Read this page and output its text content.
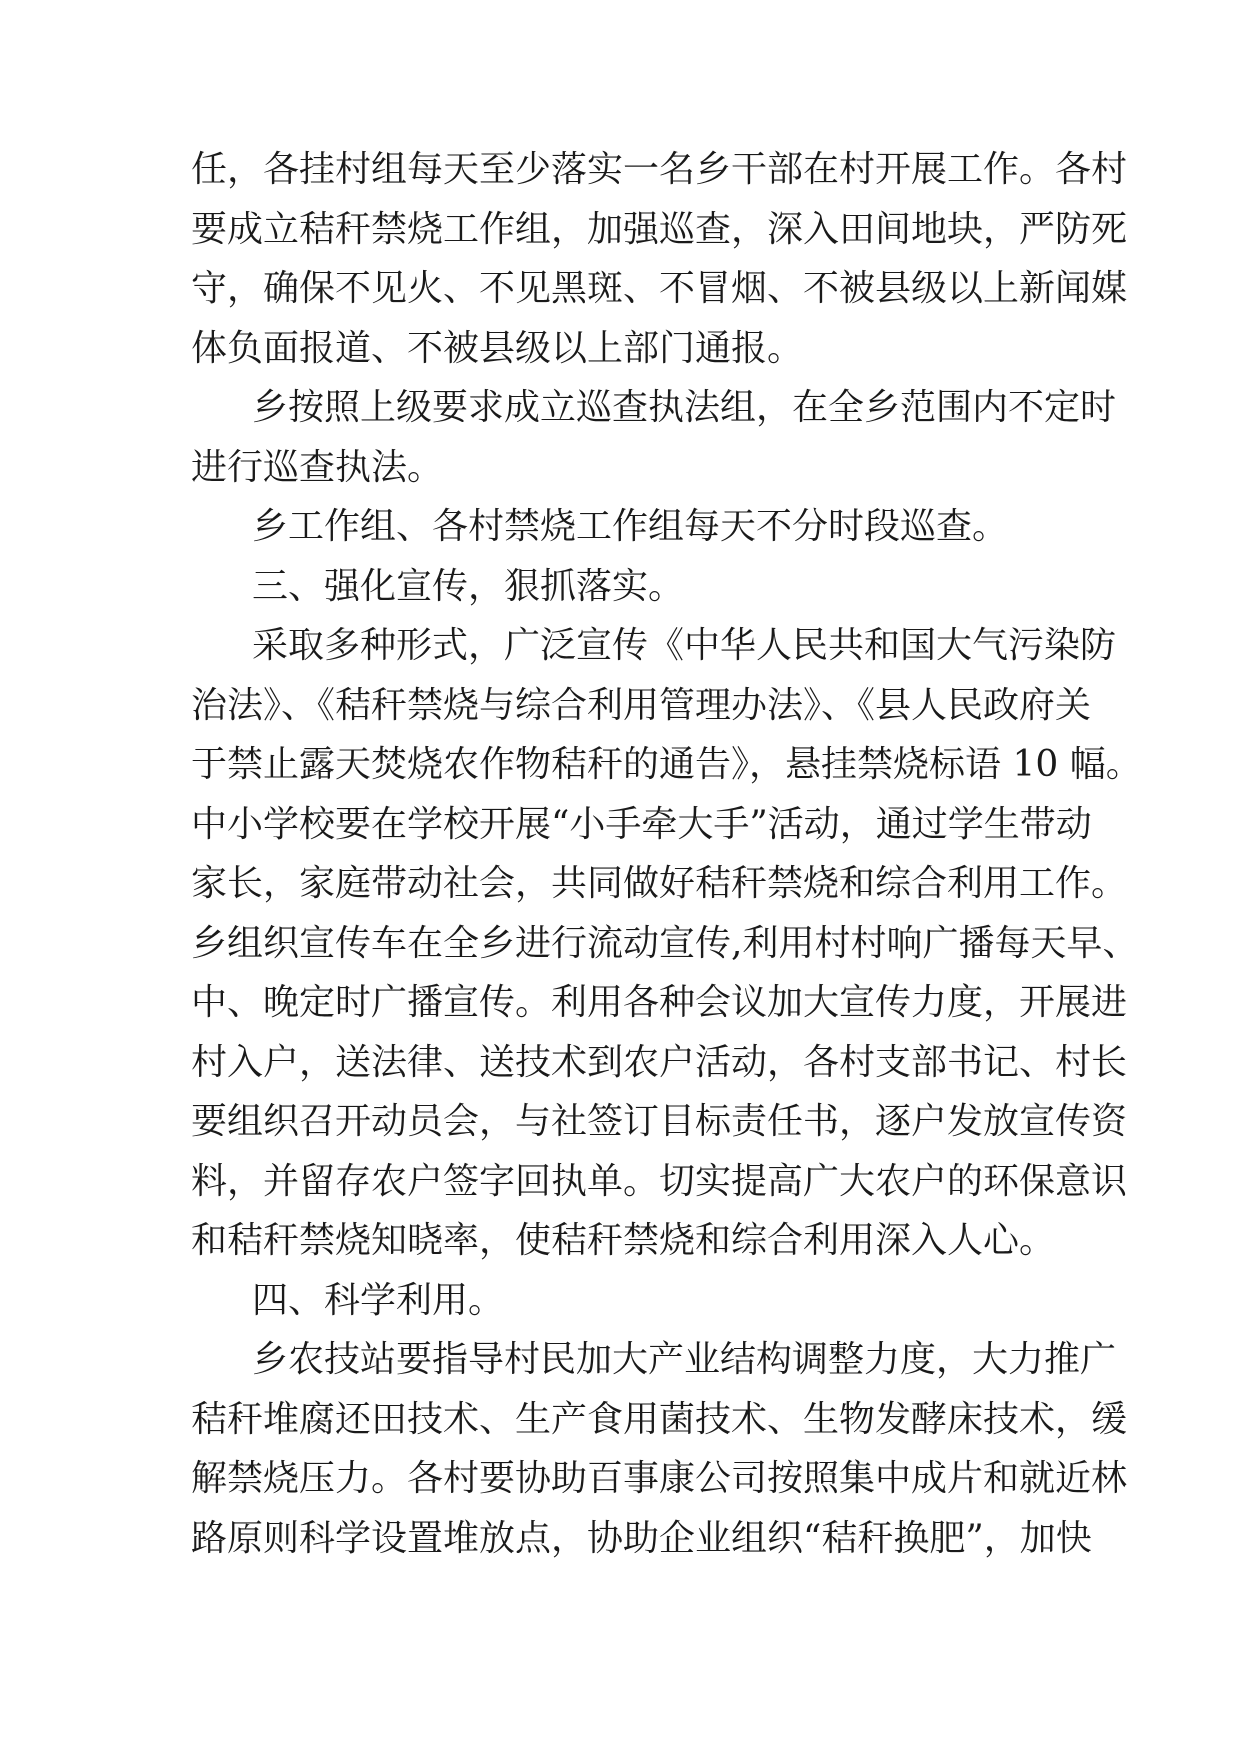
任，各挂村组每天至少落实一名乡干部在村开展工作。各村
要成立秸秆禁烧工作组，加强巡查，深入田间地块，严防死
守，确保不见火、不见黑斑、不冒烟、不被县级以上新闻媒
体负面报道、不被县级以上部门通报。
乡按照上级要求成立巡查执法组，在全乡范围内不定时
进行巡查执法。
乡工作组、各村禁烧工作组每天不分时段巡查。
三、强化宣传，狠抓落实。
采取多种形式，广泛宣传《中华人民共和国大气污染防
治法》、《秸秆禁烧与综合利用管理办法》、《县人民政府关
于禁止露天焚烧农作物秸秆的通告》，悬挂禁烧标语 10 幅。
中小学校要在学校开展“小手牵大手”活动，通过学生带动
家长，家庭带动社会，共同做好秸秆禁烧和综合利用工作。
乡组织宣传车在全乡进行流动宣传,利用村村响广播每天早、
中、晚定时广播宣传。利用各种会议加大宣传力度，开展进
村入户，送法律、送技术到农户活动，各村支部书记、村长
要组织召开动员会，与社签订目标责任书，逐户发放宣传资
料，并留存农户签字回执单。切实提高广大农户的环保意识
和秸秆禁烧知晓率，使秸秆禁烧和综合利用深入人心。
四、科学利用。
乡农技站要指导村民加大产业结构调整力度，大力推广
秸秆堆腐还田技术、生产食用菌技术、生物发酵床技术，缓
解禁烧压力。各村要协助百事康公司按照集中成片和就近林
路原则科学设置堆放点，协助企业组织“秸秆换肥”，加快
